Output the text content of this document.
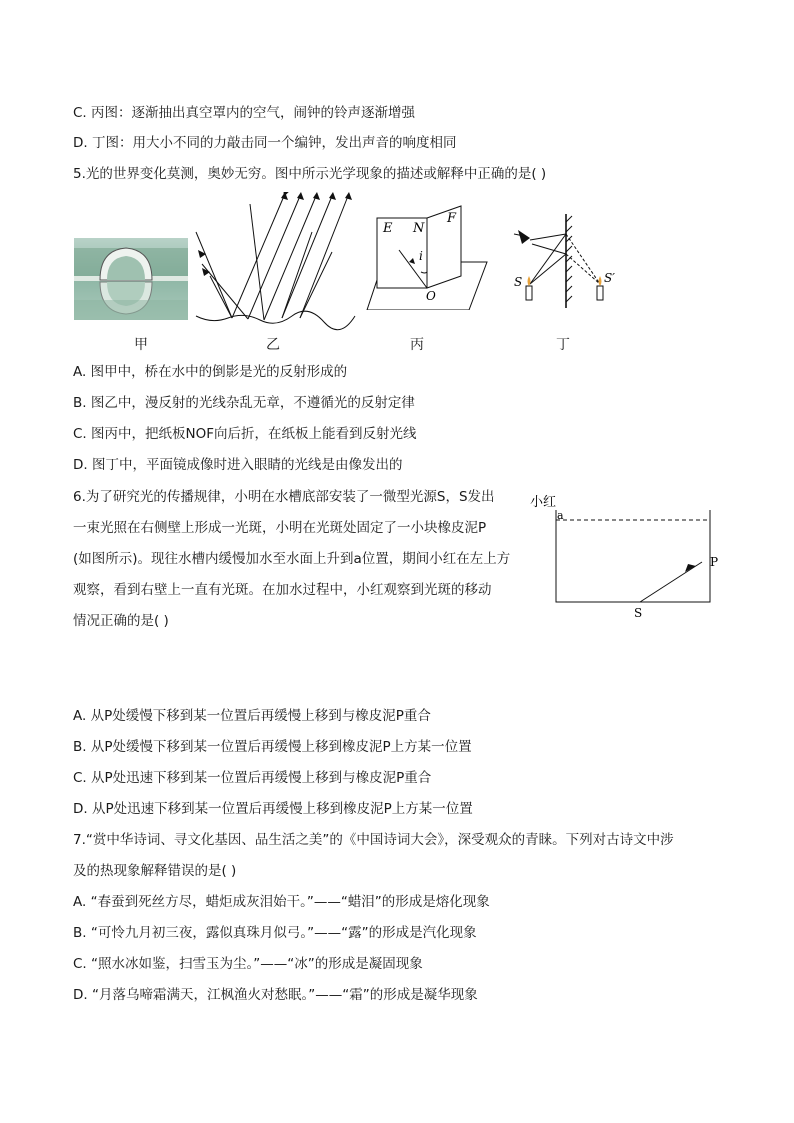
C. 丙图：逐渐抽出真空罩内的空气，闹钟的铃声逐渐增强
D. 丁图：用大小不同的力敲击同一个编钟，发出声音的响度相同
5.光的世界变化莫测，奥妙无穷。图中所示光学现象的描述或解释中正确的是( )
E N
F
i
O
S	S′
甲	乙	丙	丁
A. 图甲中，桥在水中的倒影是光的反射形成的
B. 图乙中，漫反射的光线杂乱无章，不遵循光的反射定律
C. 图丙中，把纸板NOF向后折，在纸板上能看到反射光线
D. 图丁中，平面镜成像时进入眼睛的光线是由像发出的
6.为了研究光的传播规律，小明在水槽底部安装了一微型光源S，S发出
一束光照在右侧壁上形成一光斑，小明在光斑处固定了一小块橡皮泥P
(如图所示)。现往水槽内缓慢加水至水面上升到a位置，期间小红在左上方
观察，看到右壁上一直有光斑。在加水过程中，小红观察到光斑的移动
情况正确的是( )
小红
a
P
S
A. 从P处缓慢下移到某一位置后再缓慢上移到与橡皮泥P重合
B. 从P处缓慢下移到某一位置后再缓慢上移到橡皮泥P上方某一位置
C. 从P处迅速下移到某一位置后再缓慢上移到与橡皮泥P重合
D. 从P处迅速下移到某一位置后再缓慢上移到橡皮泥P上方某一位置
7.“赏中华诗词、寻文化基因、品生活之美”的《中国诗词大会》，深受观众的青睐。下列对古诗文中涉
及的热现象解释错误的是( )
A. “春蚕到死丝方尽，蜡炬成灰泪始干。”——“蜡泪”的形成是熔化现象
B. “可怜九月初三夜，露似真珠月似弓。”——“露”的形成是汽化现象
C. “照水冰如鉴，扫雪玉为尘。”——“冰”的形成是凝固现象
D. “月落乌啼霜满天，江枫渔火对愁眠。”——“霜”的形成是凝华现象
